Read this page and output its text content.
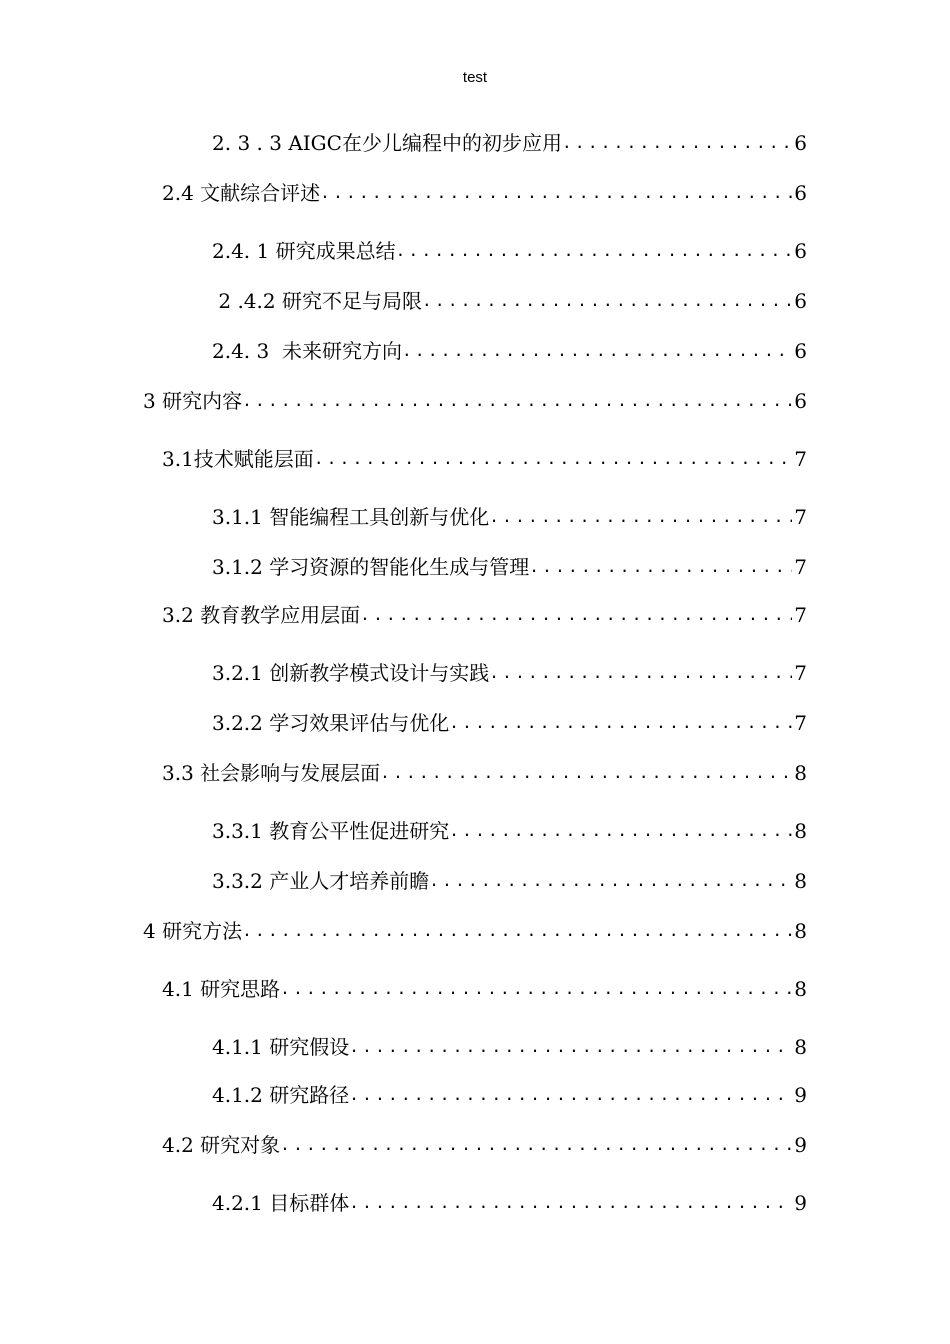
test
2. 3 . 3 AIGC在少儿编程中的初步应用 .....	6
2.4 文献综合评述 .....	6
2.4. 1 研究成果总结 .....	6
2 .4.2 研究不足与局限 .....	6
2.4. 3  未来研究方向 .....	6
3 研究内容 .....	6
3.1技术赋能层面 .....	7
3.1.1 智能编程工具创新与优化 .....	7
3.1.2 学习资源的智能化生成与管理 .....	7
3.2 教育教学应用层面 .....	7
3.2.1 创新教学模式设计与实践 .....	7
3.2.2 学习效果评估与优化 .....	7
3.3 社会影响与发展层面 .....	8
3.3.1 教育公平性促进研究 .....	8
3.3.2 产业人才培养前瞻 .....	8
4 研究方法 .....	8
4.1 研究思路 .....	8
4.1.1 研究假设 .....	8
4.1.2 研究路径 .....	9
4.2 研究对象 .....	9
4.2.1 目标群体 .....	9
